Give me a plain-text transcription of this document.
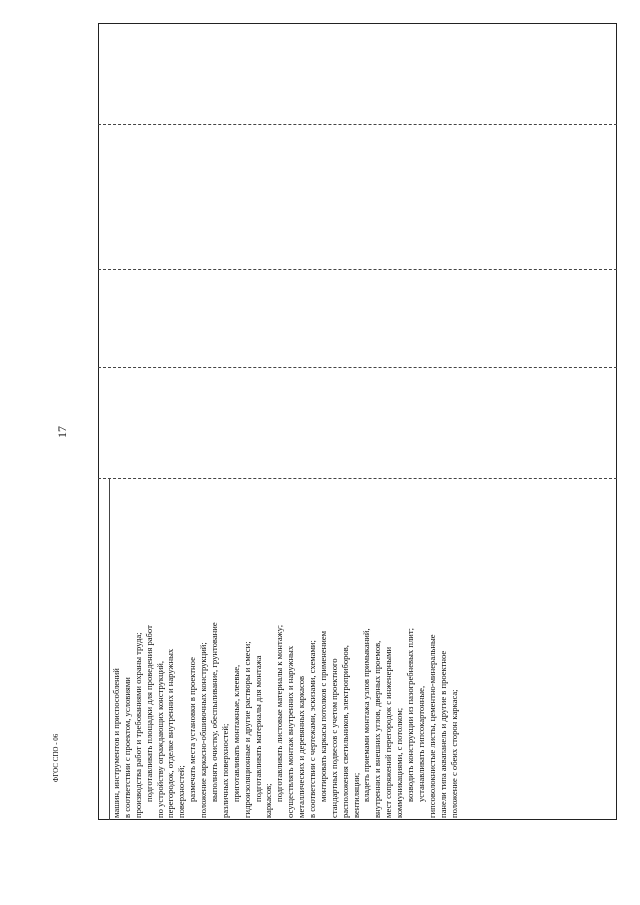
17
ФГОС СПО - 06	машин, инструментов и приспособлений в соответствии с проектом, условиями производства работ и требованиями охраны труда; подготавливать площадки для проведения работ по устройству ограждающих конструкций, перегородок, отделке внутренних и наружных поверхностей; размечать места установки в проектное положение каркасно-обшивочных конструкций; выполнять очистку, обеспыливание, грунтование различных поверхностей; приготавливать монтажные, клеевые, гидроизоляционные и другие растворы и смеси; подготавливать материалы для монтажа каркасов; подготавливать листовые материалы к монтажу; осуществлять монтаж внутренних и наружных металлических и деревянных каркасов в соответствии с чертежами, эскизами, схемами; монтировать каркасы потолков с применением стандартных подвесов с учетом проектного расположения светильников, электроприборов, вентиляции; владеть приемами монтажа узлов примыканий, внутренних и внешних углов, дверных проемов, мест сопряжений перегородок с инженерными коммуникациями, с потолком; возводить конструкции из пазогребневых плит; устанавливать гипсокартонные, гипсоволокнистые листы, цементно-минеральные панели типа аквапанель и другие в проектное положение с обеих сторон каркаса;
